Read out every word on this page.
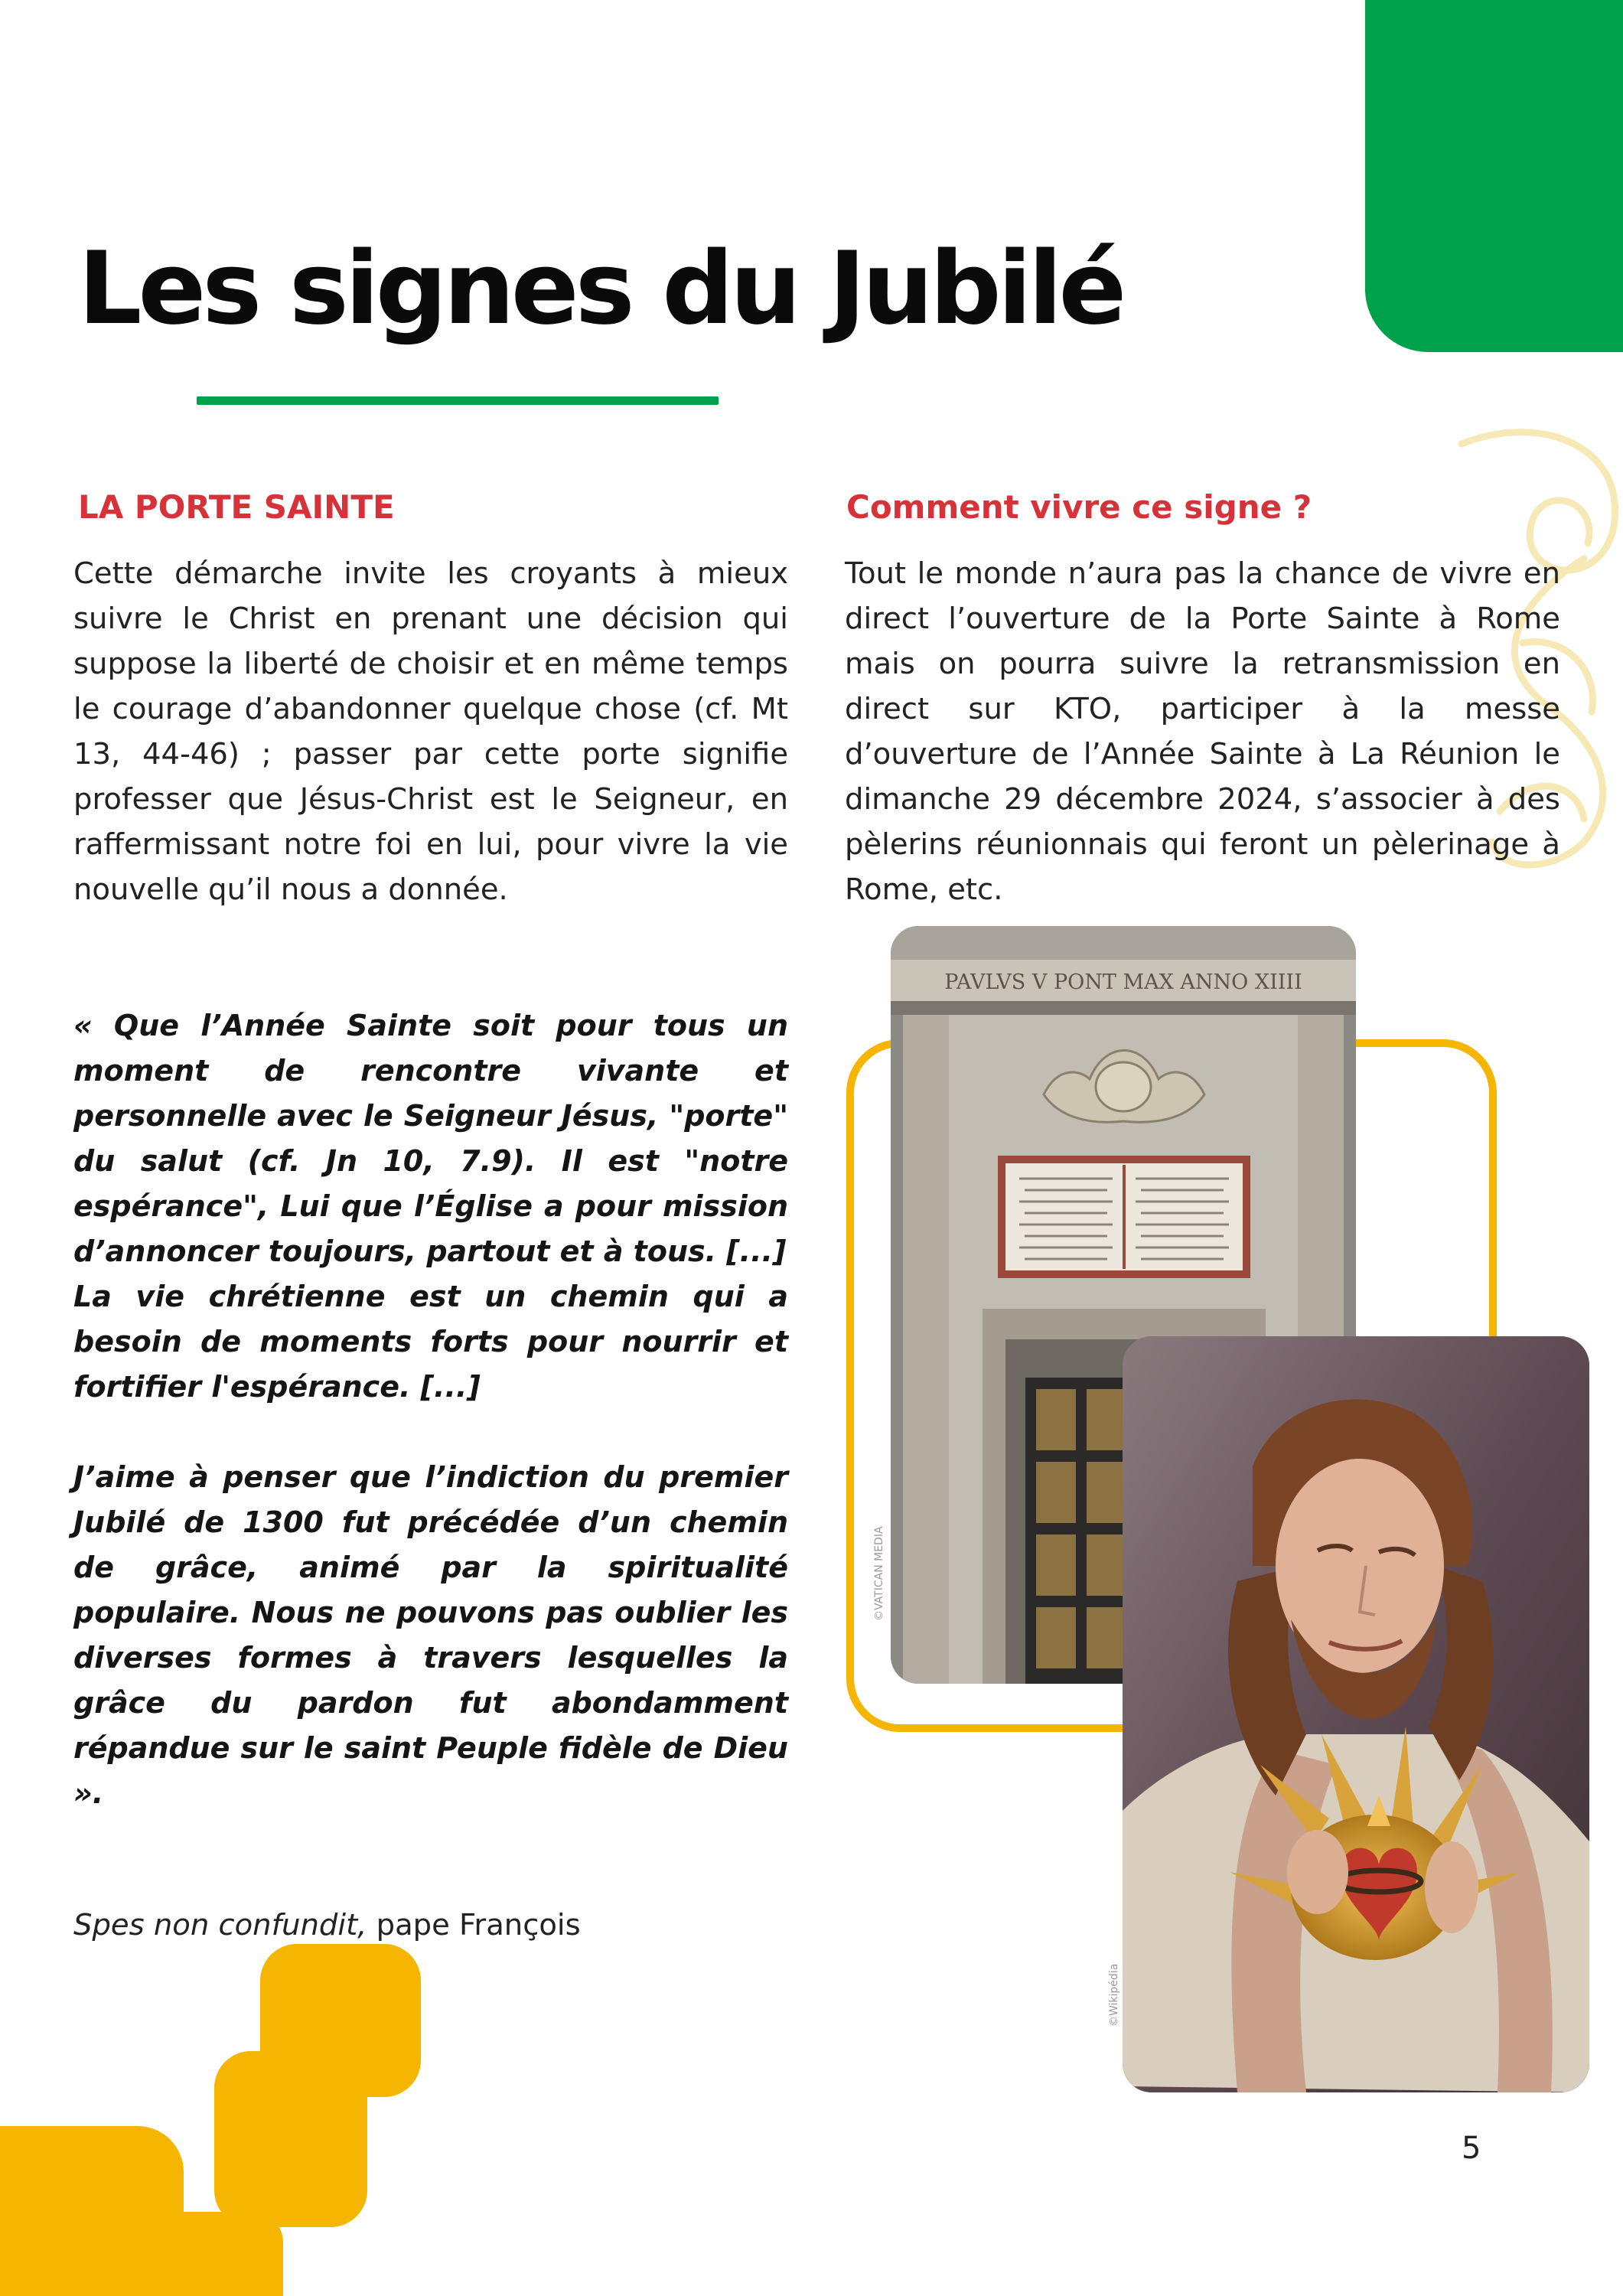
Les signes du Jubilé
LA PORTE SAINTE

Cette démarche invite les croyants à mieux suivre le Christ en prenant une décision qui suppose la liberté de choisir et en même temps le courage d’abandonner quelque chose (cf. Mt 13, 44-46) ; passer par cette porte signifie professer que Jésus-Christ est le Seigneur, en raffermissant notre foi en lui, pour vivre la vie nouvelle qu’il nous a donnée.

« Que l’Année Sainte soit pour tous un moment de rencontre vivante et personnelle avec le Seigneur Jésus, "porte" du salut (cf. Jn 10, 7.9). Il est "notre espérance", Lui que l’Église a pour mission d’annoncer toujours, partout et à tous. [...]

La vie chrétienne est un chemin qui a besoin de moments forts pour nourrir et fortifier l'espérance. [...]

J’aime à penser que l’indiction du premier Jubilé de 1300 fut précédée d’un chemin de grâce, animé par la spiritualité populaire. Nous ne pouvons pas oublier les diverses formes à travers lesquelles la grâce du pardon fut abondamment répandue sur le saint Peuple fidèle de Dieu ».

Spes non confundit, pape François

Comment vivre ce signe ?

Tout le monde n’aura pas la chance de vivre en direct l’ouverture de la Porte Sainte à Rome mais on pourra suivre la retransmission en direct sur KTO, participer à la messe d’ouverture de l’Année Sainte à La Réunion le dimanche 29 décembre 2024, s’associer à des pèlerins réunionnais qui feront un pèlerinage à Rome, etc.

PAVLVS V PONT MAX ANNO XIIII
©VATICAN MEDIA
©Wikipédia

5
